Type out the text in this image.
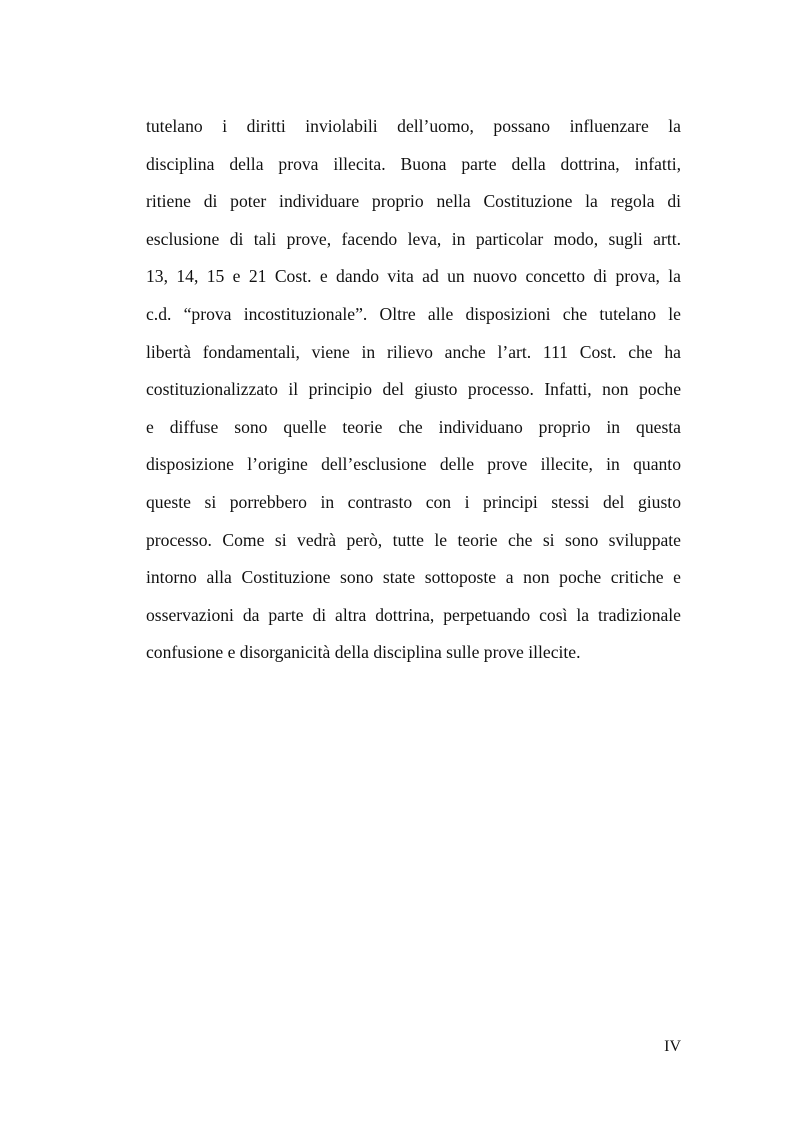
tutelano i diritti inviolabili dell’uomo, possano influenzare la
disciplina della prova illecita. Buona parte della dottrina, infatti,
ritiene di poter individuare proprio nella Costituzione la regola di
esclusione di tali prove, facendo leva, in particolar modo, sugli artt.
13, 14, 15 e 21 Cost. e dando vita ad un nuovo concetto di prova, la
c.d. “prova incostituzionale”. Oltre alle disposizioni che tutelano le
libertà fondamentali, viene in rilievo anche l’art. 111 Cost. che ha
costituzionalizzato il principio del giusto processo. Infatti, non poche
e diffuse sono quelle teorie che individuano proprio in questa
disposizione l’origine dell’esclusione delle prove illecite, in quanto
queste si porrebbero in contrasto con i principi stessi del giusto
processo. Come si vedrà però, tutte le teorie che si sono sviluppate
intorno alla Costituzione sono state sottoposte a non poche critiche e
osservazioni da parte di altra dottrina, perpetuando così la tradizionale
confusione e disorganicità della disciplina sulle prove illecite.
IV
